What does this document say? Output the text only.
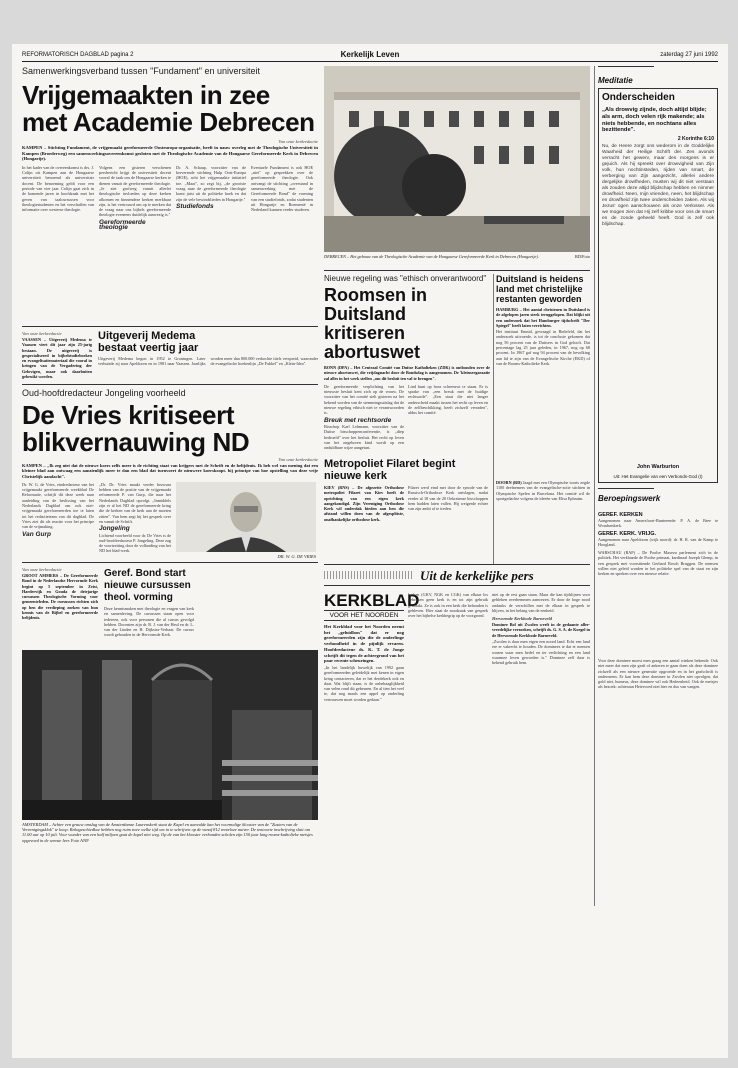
REFORMATORISCH DAGBLAD pagina 2	Kerkelijk Leven	zaterdag 27 juni 1992
Samenwerkingsverband tussen "Fundament" en universiteit
Vrijgemaakten in zee
met Academie Debrecen
Van onze kerkredactie
KAMPEN – Stichting Fundament, de vrijgemaakt gereformeerde Oosteuropa-organisatie, heeft in nauw overleg met de Theologische Universiteit in Kampen (Broederweg) een samenwerkingsovereenkomst gesloten met de Theologische Academie van de Hongaarse Gereformeerde Kerk in Debrecen (Hongarije).

In het kader van de overeenkomst is drs. J. Colijn uit Kampen aan de Hongaarse universiteit benoemd als universitair docent. De benoeming geldt voor een periode van vier jaar. Colijn gaat zich in de komende jaren in hoofdzaak met het geven van taalcursussen voor theologiestudenten en het verschaffen van informatie over westerse theologie.

Volgens een gisteren verschenen persbericht krijgt de universiteit docent vooral de taak om de Hongaarse kerken te dienen vanuit de gereformeerde theologie. „Je ziet grofweg vanuit allerlei theologische invloeden op deze kerken afkomen en binnendeze kerken merkbaar zijn, is het vertrouwd om op te merken dat de vraag naar ons bijbels gereformeerde theologie eveneens duidelijk aanwezig is."

Gereformeerde theologie

Dr. A. Schaap, voorzitter van de kerverende stichting Hulp Oost-Europa (HOE), acht het vrijgemaakte initiatief toe. „Maar", zo zegt hij, „de grootste vraag naar de gereformeerde theologie komt juist uit de politieke hoek en dat zijn de vele bewindslieden in Hongarije."

Studiefonds

Eventuele Fundament is ook HOE „niet" op gesprekken over de gereformeerde theologie. Ook ontvangt de stichting „overstand in samenwerking met de Gereformeerde Bond" de vorming van een studiefonds, zodat studenten uit Hongarije en Roemenië in Nederland kunnen verder studeren.

Van onze kerkredactie
VAASSEN – Uitgeverij Medema te Vaassen viert dit jaar zijn 25-jarig bestaan. De uitgeverij is gespecialiseerd in bijbelstudieboeken en evangelisatiemateriaal die vooral in kringen van de Vergadering der Gelovigen, maar ook daarbuiten gebruikt worden.
Uitgeverij Medema bestaat veertig jaar
Uitgeverij Medema begon in 1952 te Groningen. Later verhuisde zij naar Apeldoorn en in 1981 naar Vaassen. Jaarlijks worden meer dan 800.000 verkochte titels verspreid, waaronder de evangelische boekenlijn „De Fakkel" en „Klein-Idea".
Oud-hoofdredacteur Jongeling voorheeld
De Vries kritiseert
blikvernauwing ND
Van onze kerkredactie
KAMPEN – „Ik zeg niet dat de nieuwe koers zelfs meer is de richting staat van krijgers met de Schrift en de belijdenis. Ik heb wel van mening dat een kleiner blad aan ontwaag een aanzienlijk meer te dan een blad dat turnvoert de nieuwere koerskoopt. bij principe van hoe opstelling van deze vrije Christelijk aandacht".

Dr. W. G. de Vries, eindredacteur van het vrijgemaakt gereformeerde weekblad De Reformatie, schrijft dit deze week naar aanleiding van de beslissing van het Nederlands Dagblad om ook niet-vrijgemaakt gereformeerden toe te laten tot het redactieteam van dit dagblad. De Vries ziet dit als reactie voor het principe van de vrijmaking.

Van Gurp

„Dr. Dr. Vries maakt verder bezwaar hebben van de positie van de vrijgemaakt reformeerde P. van Gurp, die naar het Nederlands Dagblad opvolgt. „Inmiddels zijn er al het ND de gereformeerde kring die de kerken van de kerk aan de moeten zitten". Van hem zegt hij het gesprek over en vanuit de Schrift.

Jongeling

Lichtend voorbeeld voor dr. De Vries is de oud-hoofdredacteur P. Jongeling. Deze zag de voortzetting door de volharding van het ND het blad-werk.

DR. W. G. DE VRIES
Van onze kerkredactie
GROOT AMMERS – De Gereformeerde Bond in de Nederlandse Hervormde Kerk begint op 5 september in Zeist, Hardervijk en Gouda de driejarige cursussen Theologische Vorming voor gemeenteleden. De cursussen richten zich op hen die verdieping zoeken van hun kennis van de Bijbel en gereformeerde belijdenis.
Geref. Bond start nieuwe cursussen theol. vorming
Deze kennismaken met theologie en vragen van kerk en samenleving. De cursussen staan open voor iedereen, ook voor personen die al cursus gevolgd hebben. Docenten zijn dr. R. J. van der Heul en dr. L. van der Linden en H. Dijkstra-Verhaar. De cursus wordt gehouden in de Hervormde Kerk.
AMSTERDAM – Achter een grauw omslag van de Amsterdamse Laurenskerk staat de Kapel en aanvulde kan het voormalige klooster van de "Zusters van de Vereenigingsklok" te koop. Rekageschiedkoe hebben nog ruim twee welke tijd om in te schrijven op de vanaf 812 renteloze nuiver. De tentoorte inschrijving sluit om 11.00 uur op 10 juli. Voor wonder van een half miljoen gaat de kapel niet weg. Op de van het klooster verbonden scholen zijn 150 jaar lang rooms-katholieke meisjes opgevoed in de weeste leer. Foto ANP
DEBRECEN – Het gebouw van de Theologische Academie van de Hongaarse Gereformeerde Kerk in Debrecen (Hongarije).	RD/Foto
Nieuwe regeling was "ethisch onverantwoord"
Roomsen in Duitsland
kritiseren abortuswet
BONN (DPA) – Het Centraal Comité van Duitse Katholieken (ZDK) is ontbonden over de nieuwe abortuswet, die vrijdagnacht door de Bondsdag is aangenomen. De 'kleinsergaraatie zal alles in het werk stellen „om dit besluit ten val te brengen".

De gereformeerde verplichting van het nieuwste besluit kent zich op de vrouw. De voorzitter van het comité stelt gisteren na het bekend worden van de stemmingsuitslag dat de nieuwe regeling ethisch niet te verantwoorden is.

Breuk met rechtsorde

Bisschop Karl Lehmann, voorzitter van de Duitse bisschoppenconferentie, is „diep bedroefd" over het besluit. Het recht op leven van het ongeboren kind wordt op een onduldbare wijze aangetast.

Lind kunt op hoor schreeuwt te staan. Er is sprake van „een breuk met de huidige rechtsorde". „Een staat die niet langer onderscheid maakt tussen het recht op leven en de zelfbeschikking, heeft zichzelf verraden", aldus het comité.

Duitsland is heidens land met christelijke restanten geworden
HAMBURG – Het aantal christenen in Duitsland is de afgelopen jaren sterk teruggelopen. Dat blijkt uit een onderzoek dat het Hamburger tijdschrift "Der Spiegel" heeft laten verrichten.
Het instituut Emnid, gevraagd in Bielefeld, dat het onderzoek uitvoerde, is tot de conclusie gekomen dat nog 56 procent van de Duitsers in God gelooft. Dat percentage lag 25 jaar geleden, in 1967, nog op 68 procent. In 1967 gaf nog 94 procent van de bevolking aan lid te zijn van de Evangelische Kirche (EKD) of van de Rooms-Katholieke Kerk.
DOORN (RD) Jaagd met een Olympische toorts zegde 1100 deelnemers van de evangelische-actie stichten in Olympische Spelen in Barcelona. Het comité wil de sportgedachte volgens de ideeën van Elisa Ephraim.
Metropoliet Filaret begint nieuwe kerk
KIEV (RNS) – De afgezette Orthodoxe metropoliet Filaret van Kiev heeft de oprichting van een eigen kerk aangekondigd. Zijn Vereniging Orthodoxe Kerk wil onderdak bieden aan hen die afstand willen doen van de afgesplitste, onafhankelijke orthodoxe kerk.
Filaret werd eind mei door de synode van de Russisch-Orthodoxe Kerk ontslagen, nadat eerder al 18 van de 20 Oekraïense bisschoppen hem hadden laten vallen. Hij weigerde echter van zijn ambt af te treden.
Uit de kerkelijke pers
KERKBLAD
VOOR HET NOORDEN
Het Kerkblad voor het Noorden neemt het „geluidloos" dat er nog gereformeerden zijn die de onderlinge verbondheid in de pijnlijk ervaren. Hoofdredacteur ds. K. T. de Jonge schrijft dit tegen de achtergrond van het paar recente scheuringen.
„In het landelijk huwelijk van 1992 gaan gereformeerden geleidelijk met kenen in eigen kring contacteren, dat er het derdekerk ook en daar. Wat blijft staan, is de onbehaaglijkheid van velen rond dit gebeuren. En al tien het veel te, dat nog maals een appel op onderling vertrouwen moet worden gedaan."
kerken (GKV, NGK en CGK) van elkaar los gebroken geen kerk is en tot zijn gebruik gemaakt. Ze is ook in een kerk die behouden is gebleven. Hier staat de noodzaak van gesprek over het bijbelse kerkbegrip op de voorgrond.
niet op de rest gaan staan. Maar die kan tijdslijnen voor gebleken overhemmen aanwezen. Er door de hoge nood ondanks de verschillen met de elkaar in gesprek te blijven, in het belang van de eenheid.
Hervormde Kerkbode Barneveld
Dominee Bol uit Zwolen werft in de gedaante aller-vreedelijke verzoeken, schrijft ds. G. S. A. de Koegel in de Hervormde Kerkbode Barneveld.
„Zwolen is daar men eigen een noord land. Echt een land ere er vakrecht te houden. De dominees te dat er mensen wonen waar men bedel en ter verlichting en een land waarmee leven geworden is." Dominee zelf daar is bekend gebruik hem.
Meditatie
Onderscheiden
„Als drowvig zijnde, doch altijd blijde; als arm, doch velen rijk makende; als niets hebbende, en nochtans alles bezittende".
2 Korinthe 6:10
Nu, de Heere zorgt ons wederom in de Goddelijke Waarheid der Heilige Schrift der. Zes avonds verracht het gewerv, maar des morgens is er gejuich. Als hij spreekt over drowvigheid van Zijn volk, hun nochtinsteden, rijden van smart, de verberging van Zijn aangezicht, allerlei andere dergelijke drowfheden, musten wij dit niet verstaan als zouden deze altijd blijdschap hebben en nimmer drowfheid. Neen, mijn vrienden, neen, het blijdschap en drowfheid zijn twee onderscheiden zaken. Als wij Jezus' ogen aanschouwen als onze Verlosser. Als we mogen zien dat Hij zelf kribbe voor ons de smart en de zonde geheeld heeft. God is zelf ook blijdschap.
John Warburton
Uit: Het Evangelie van een Verbonds-God (I)
Beroepingswerk
GEREF. KERKEN
Aangenomen naar Amersfoort-Bunterende: P. A. de Bree te Woudsenkerk.
GEREF. KERK. VRIJG.
Aangenomen naar Apeldoorn (wijk noord): dr. H. R. van de Kamp te Hoogland.
WARSCHAU (RAP) – De Poolse Maxeza parlement zich in de politiek. Het verklaarde de Poolse primaat, kardinaal Jozeph Glemp, in een gesprek met voorstitende Gerhard Bosch Bruggen. De mensen willen niet geleid worden in het politieke spel van de staat en zijn kerken en spreken over een nieuwe relatie.
Voor deze dominee moest men graag een aantal winken bekende. Ook niet meer dat men zijn graft of ankeren te gaan doen als deze dominee zichzelf als een nieuwe generatie opgroeide en in het grafschrift is onderneem. Er kan hem deze dominee in Zwolen niet opvolgen, dat gold niet, humeus, deze dominee wil ook Hedeenheid. Ook de meisjes als bezoek: achteraan Heiervoed niet hier en dus van vangen.
